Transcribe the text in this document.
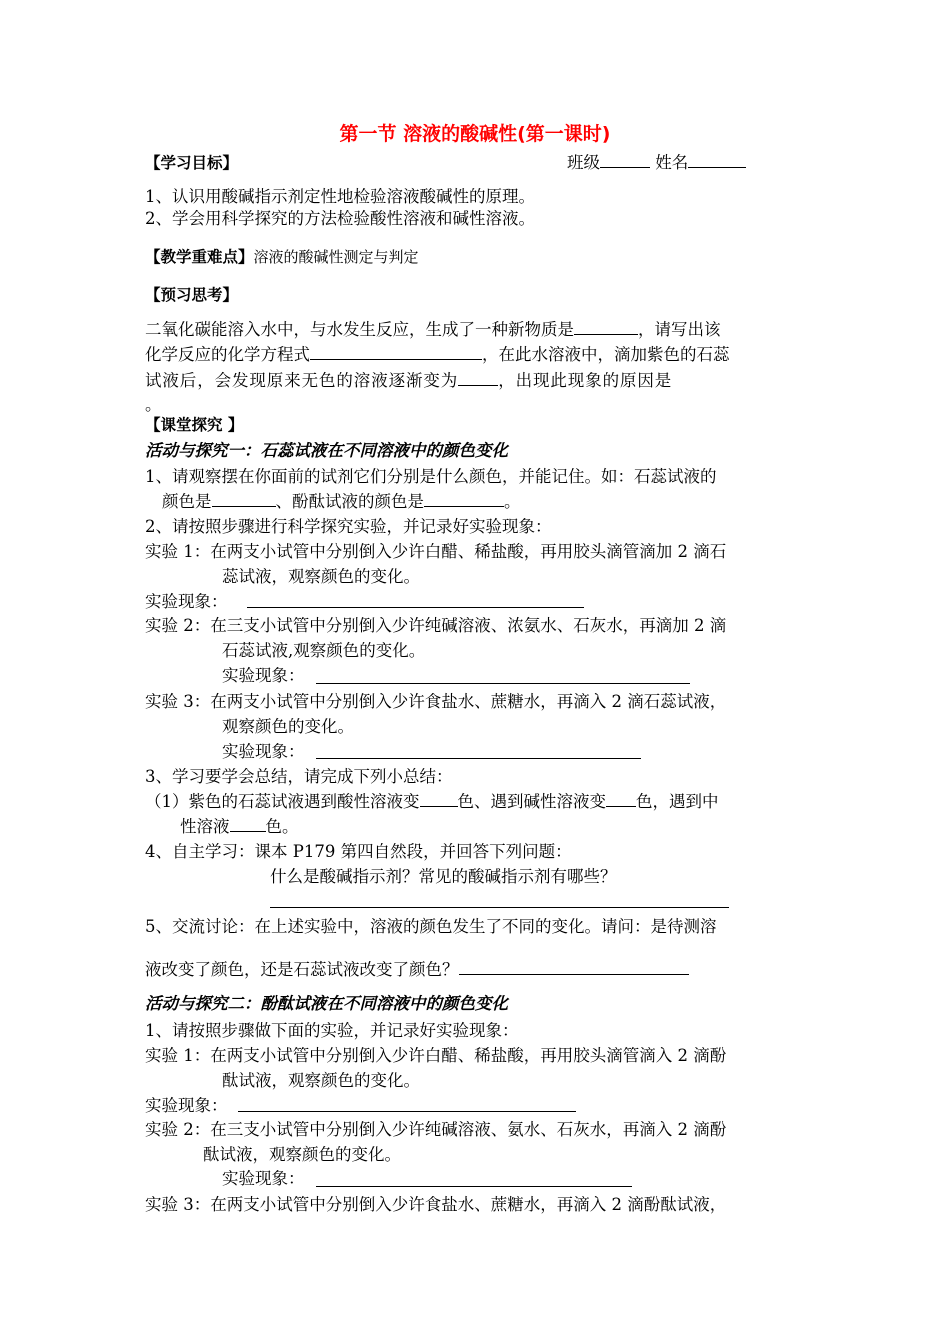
第一节 溶液的酸碱性(第一课时)
【学习目标】	班级	姓名
1、认识用酸碱指示剂定性地检验溶液酸碱性的原理。
2、学会用科学探究的方法检验酸性溶液和碱性溶液。
【教学重难点】溶液的酸碱性测定与判定
【预习思考】
二氧化碳能溶入水中，与水发生反应，生成了一种新物质是	，请写出该
化学反应的化学方程式	，在此水溶液中，滴加紫色的石蕊
试液后，会发现原来无色的溶液逐渐变为 ，出现此现象的原因是
。
【课堂探究 】
活动与探究一：石蕊试液在不同溶液中的颜色变化
1、请观察摆在你面前的试剂它们分别是什么颜色，并能记住。如：石蕊试液的
颜色是	、酚酞试液的颜色是	。
2、请按照步骤进行科学探究实验，并记录好实验现象：
实验 1：在两支小试管中分别倒入少许白醋、稀盐酸，再用胶头滴管滴加 2 滴石
蕊试液，观察颜色的变化。
实验现象：
实验 2：在三支小试管中分别倒入少许纯碱溶液、浓氨水、石灰水，再滴加 2 滴
石蕊试液,观察颜色的变化。
实验现象：
实验 3：在两支小试管中分别倒入少许食盐水、蔗糖水，再滴入 2 滴石蕊试液，
观察颜色的变化。
实验现象：
3、学习要学会总结，请完成下列小总结：
（1）紫色的石蕊试液遇到酸性溶液变 色、遇到碱性溶液变 色，遇到中
性溶液 色。
4、自主学习：课本 P179 第四自然段，并回答下列问题：
什么是酸碱指示剂？常见的酸碱指示剂有哪些？
5、交流讨论：在上述实验中，溶液的颜色发生了不同的变化。请问：是待测溶
液改变了颜色，还是石蕊试液改变了颜色？
活动与探究二：酚酞试液在不同溶液中的颜色变化
1、请按照步骤做下面的实验，并记录好实验现象：
实验 1：在两支小试管中分别倒入少许白醋、稀盐酸，再用胶头滴管滴入 2 滴酚
酞试液，观察颜色的变化。
实验现象：
实验 2：在三支小试管中分别倒入少许纯碱溶液、氨水、石灰水，再滴入 2 滴酚
酞试液，观察颜色的变化。
实验现象：
实验 3：在两支小试管中分别倒入少许食盐水、蔗糖水，再滴入 2 滴酚酞试液，
